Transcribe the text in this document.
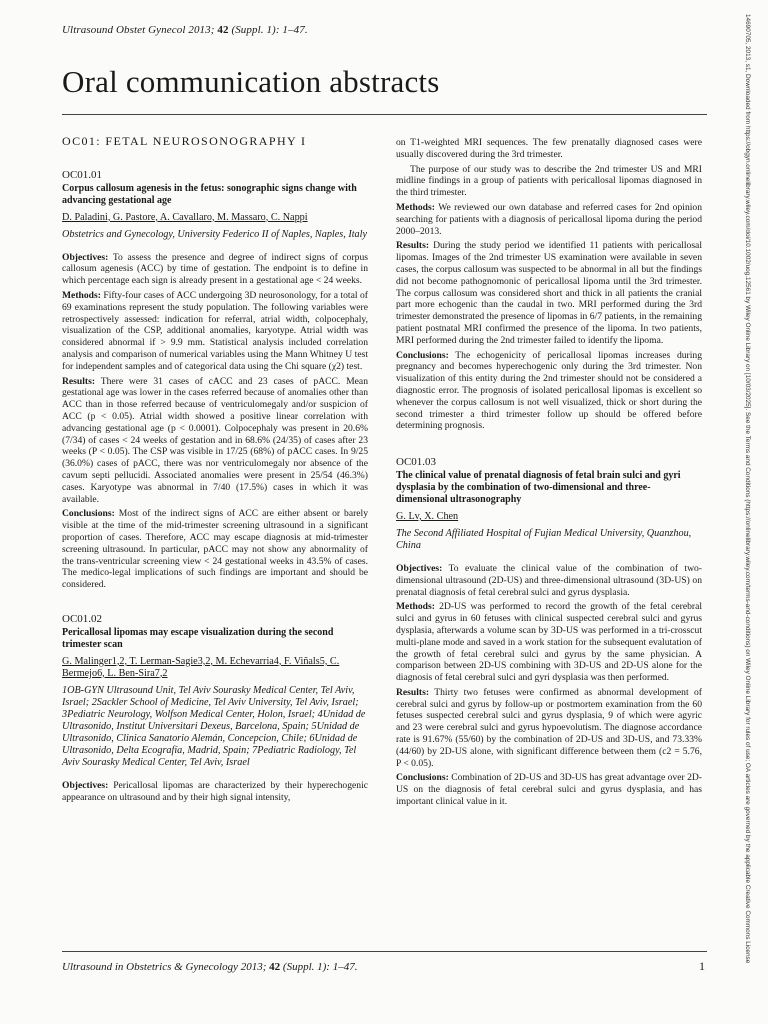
Ultrasound Obstet Gynecol 2013; 42 (Suppl. 1): 1–47.
Oral communication abstracts
OC01: FETAL NEUROSONOGRAPHY I
OC01.01
Corpus callosum agenesis in the fetus: sonographic signs change with advancing gestational age
D. Paladini, G. Pastore, A. Cavallaro, M. Massaro, C. Nappi
Obstetrics and Gynecology, University Federico II of Naples, Naples, Italy

Objectives: To assess the presence and degree of indirect signs of corpus callosum agenesis (ACC) by time of gestation. The endpoint is to define in which percentage each sign is already present in a gestational age < 24 weeks.

Methods: Fifty-four cases of ACC undergoing 3D neurosonology, for a total of 69 examinations represent the study population. The following variables were retrospectively assessed: indication for referral, atrial width, colpocephaly, visualization of the CSP, additional anomalies, karyotype. Atrial width was considered abnormal if > 9.9 mm. Statistical analysis included correlation analysis and comparison of numerical variables using the Mann Whitney U test for independent samples and of categorical data using the Chi square (χ2) test.

Results: There were 31 cases of cACC and 23 cases of pACC. Mean gestational age was lower in the cases referred because of anomalies other than ACC than in those referred because of ventriculomegaly and/or suspicion of ACC (p < 0.05). Atrial width showed a positive linear correlation with advancing gestational age (p < 0.0001). Colpocephaly was present in 20.6% (7/34) of cases < 24 weeks of gestation and in 68.6% (24/35) of cases after 23 weeks (P < 0.05). The CSP was visible in 17/25 (68%) of pACC cases. In 9/25 (36.0%) cases of pACC, there was nor ventriculomegaly nor absence of the cavum septi pellucidi. Associated anomalies were present in 25/54 (46.3%) cases. Karyotype was abnormal in 7/40 (17.5%) cases in which it was available.

Conclusions: Most of the indirect signs of ACC are either absent or barely visible at the time of the mid-trimester screening ultrasound in a significant proportion of cases. Therefore, ACC may escape diagnosis at mid-trimester screening ultrasound. In particular, pACC may not show any abnormality of the trans-ventricular screening view < 24 gestational weeks in 43.5% of cases. The medico-legal implications of such findings are important and should be considered.

OC01.02
Pericallosal lipomas may escape visualization during the second trimester scan
G. Malinger1,2, T. Lerman-Sagie3,2, M. Echevarria4, F. Viñals5, C. Bermejo6, L. Ben-Sira7,2
1OB-GYN Ultrasound Unit, Tel Aviv Sourasky Medical Center, Tel Aviv, Israel; 2Sackler School of Medicine, Tel Aviv University, Tel Aviv, Israel; 3Pediatric Neurology, Wolfson Medical Center, Holon, Israel; 4Unidad de Ultrasonido, Institut Universitari Dexeus, Barcelona, Spain; 5Unidad de Ultrasonido, Clinica Sanatorio Alemán, Concepcion, Chile; 6Unidad de Ultrasonido, Delta Ecografía, Madrid, Spain; 7Pediatric Radiology, Tel Aviv Sourasky Medical Center, Tel Aviv, Israel

Objectives: Pericallosal lipomas are characterized by their hyperechogenic appearance on ultrasound and by their high signal intensity,

on T1-weighted MRI sequences. The few prenatally diagnosed cases were usually discovered during the 3rd trimester.

The purpose of our study was to describe the 2nd trimester US and MRI midline findings in a group of patients with pericallosal lipomas diagnosed in the third trimester.

Methods: We reviewed our own database and referred cases for 2nd opinion searching for patients with a diagnosis of pericallosal lipoma during the period 2000–2013.

Results: During the study period we identified 11 patients with pericallosal lipomas. Images of the 2nd trimester US examination were available in seven cases, the corpus callosum was suspected to be abnormal in all but the findings did not become pathognomonic of pericallosal lipoma until the 3rd trimester. The corpus callosum was considered short and thick in all patients the cranial part more echogenic than the caudal in two. MRI performed during the 3rd trimester demonstrated the presence of lipomas in 6/7 patients, in the remaining patient postnatal MRI confirmed the presence of the lipoma. In two patients, MRI performed during the 2nd trimester failed to identify the lipoma.

Conclusions: The echogenicity of pericallosal lipomas increases during pregnancy and becomes hyperechogenic only during the 3rd trimester. Non visualization of this entity during the 2nd trimester should not be considered a diagnostic error. The prognosis of isolated pericallosal lipomas is excellent so whenever the corpus callosum is not well visualized, thick or short during the second trimester a third trimester follow up should be offered before determining prognosis.

OC01.03
The clinical value of prenatal diagnosis of fetal brain sulci and gyri dysplasia by the combination of two-dimensional and three-dimensional ultrasonography
G. Lv, X. Chen
The Second Affiliated Hospital of Fujian Medical University, Quanzhou, China

Objectives: To evaluate the clinical value of the combination of two-dimensional ultrasound (2D-US) and three-dimensional ultrasound (3D-US) on prenatal diagnosis of fetal cerebral sulci and gyrus dysplasia.

Methods: 2D-US was performed to record the growth of the fetal cerebral sulci and gyrus in 60 fetuses with clinical suspected cerebral sulci and gyrus dysplasia, afterwards a volume scan by 3D-US was performed in a tri-crosscut multi-plane mode and saved in a work station for the subsequent evalutation of the growth of fetal cerebral sulci and gyrus by the same physician. A comparison between 2D-US combining with 3D-US and 2D-US alone for the diagnosis of fetal cerebral sulci and gyri dysplasia was then performed.

Results: Thirty two fetuses were confirmed as abnormal development of cerebral sulci and gyrus by follow-up or postmortem examination from the 60 fetuses suspected cerebral sulci and gyrus dysplasia, 9 of which were agyric and 23 were cerebral sulci and gyrus hypoevolutism. The diagnose accordance rate is 91.67% (55/60) by the combination of 2D-US and 3D-US, and 73.33% (44/60) by 2D-US alone, with significant difference between them (c2 = 5.76, P < 0.05).

Conclusions: Combination of 2D-US and 3D-US has great advantage over 2D-US on the diagnosis of fetal cerebral sulci and gyrus dysplasia, and has important clinical value in it.

Ultrasound in Obstetrics & Gynecology 2013; 42 (Suppl. 1): 1–47.	1
14690705, 2013, s1, Downloaded from https://obgyn.onlinelibrary.wiley.com/doi/10.1002/uog.12561 by Wiley Online Library on [10/03/2025]. See the Terms and Conditions (https://onlinelibrary.wiley.com/terms-and-conditions) on Wiley Online Library for rules of use; OA articles are governed by the applicable Creative Commons License
